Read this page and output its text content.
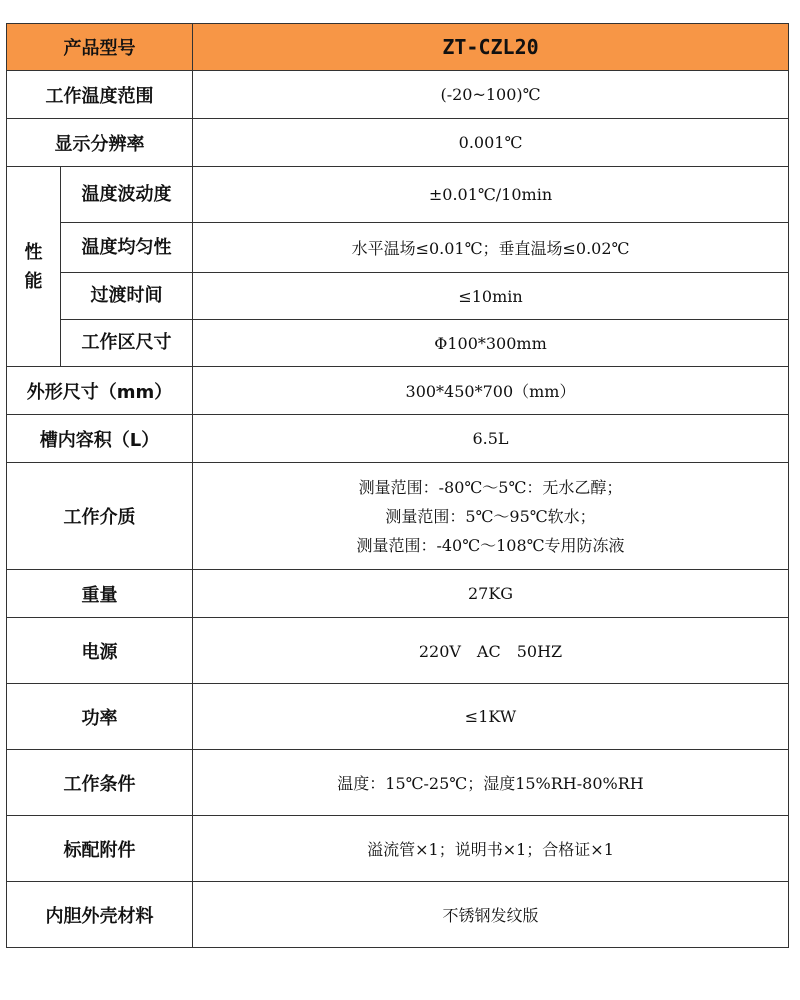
产品型号		ZT-CZL20
工作温度范围		(-20~100)℃
显示分辨率		0.001℃

性
能	温度波动度	±0.01℃/10min
	温度均匀性	水平温场≤0.01℃；垂直温场≤0.02℃
	过渡时间	≤10min
	工作区尺寸	Φ100*300mm
外形尺寸（mm）		300*450*700（mm）
槽内容积（L）		6.5L
工作介质		测量范围：-80℃～5℃：无水乙醇；
测量范围：5℃～95℃软水；
测量范围：-40℃～108℃专用防冻液

重量		27KG
电源		220V　AC　50HZ
功率		≤1KW
工作条件		温度：15℃-25℃；湿度15%RH-80%RH
标配附件		溢流管×1；说明书×1；合格证×1
内胆外壳材料		不锈钢发纹版
